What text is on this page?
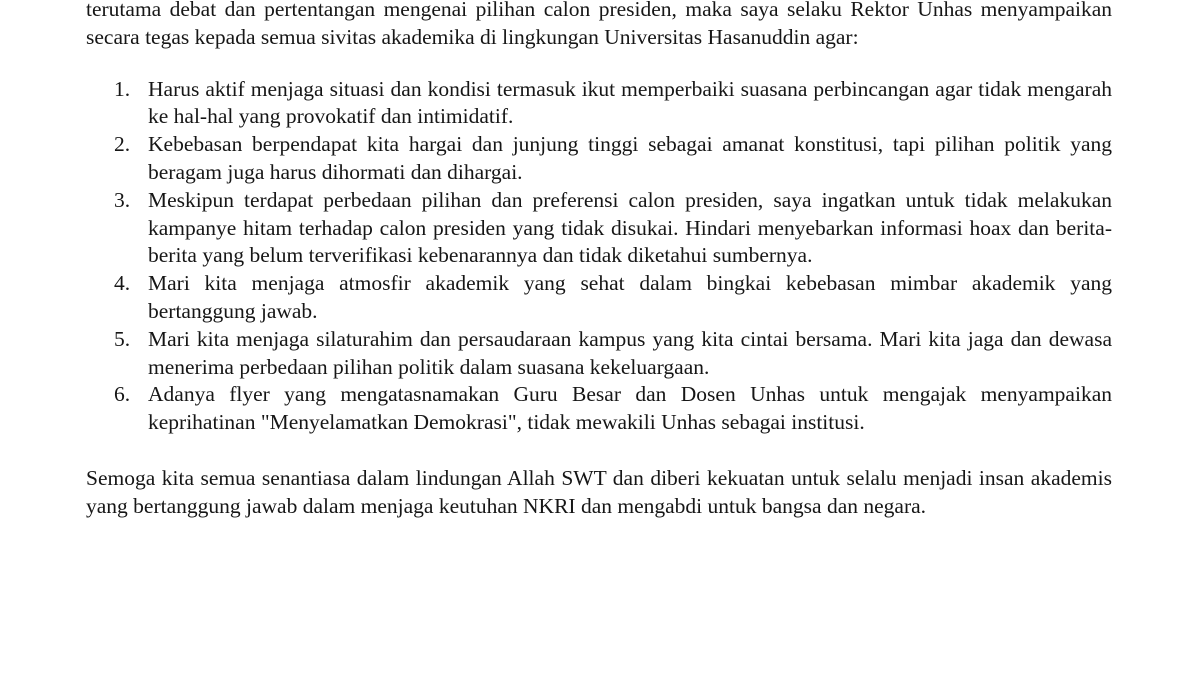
terutama debat dan pertentangan mengenai pilihan calon presiden, maka saya selaku Rektor Unhas menyampaikan secara tegas kepada semua sivitas akademika di lingkungan Universitas Hasanuddin agar:

1. Harus aktif menjaga situasi dan kondisi termasuk ikut memperbaiki suasana perbincangan agar tidak mengarah ke hal-hal yang provokatif dan intimidatif.
2. Kebebasan berpendapat kita hargai dan junjung tinggi sebagai amanat konstitusi, tapi pilihan politik yang beragam juga harus dihormati dan dihargai.
3. Meskipun terdapat perbedaan pilihan dan preferensi calon presiden, saya ingatkan untuk tidak melakukan kampanye hitam terhadap calon presiden yang tidak disukai. Hindari menyebarkan informasi hoax dan berita-berita yang belum terverifikasi kebenarannya dan tidak diketahui sumbernya.
4. Mari kita menjaga atmosfir akademik yang sehat dalam bingkai kebebasan mimbar akademik yang bertanggung jawab.
5. Mari kita menjaga silaturahim dan persaudaraan kampus yang kita cintai bersama. Mari kita jaga dan dewasa menerima perbedaan pilihan politik dalam suasana kekeluargaan.
6. Adanya flyer yang mengatasnamakan Guru Besar dan Dosen Unhas untuk mengajak menyampaikan keprihatinan "Menyelamatkan Demokrasi", tidak mewakili Unhas sebagai institusi.

Semoga kita semua senantiasa dalam lindungan Allah SWT dan diberi kekuatan untuk selalu menjadi insan akademis yang bertanggung jawab dalam menjaga keutuhan NKRI dan mengabdi untuk bangsa dan negara.
